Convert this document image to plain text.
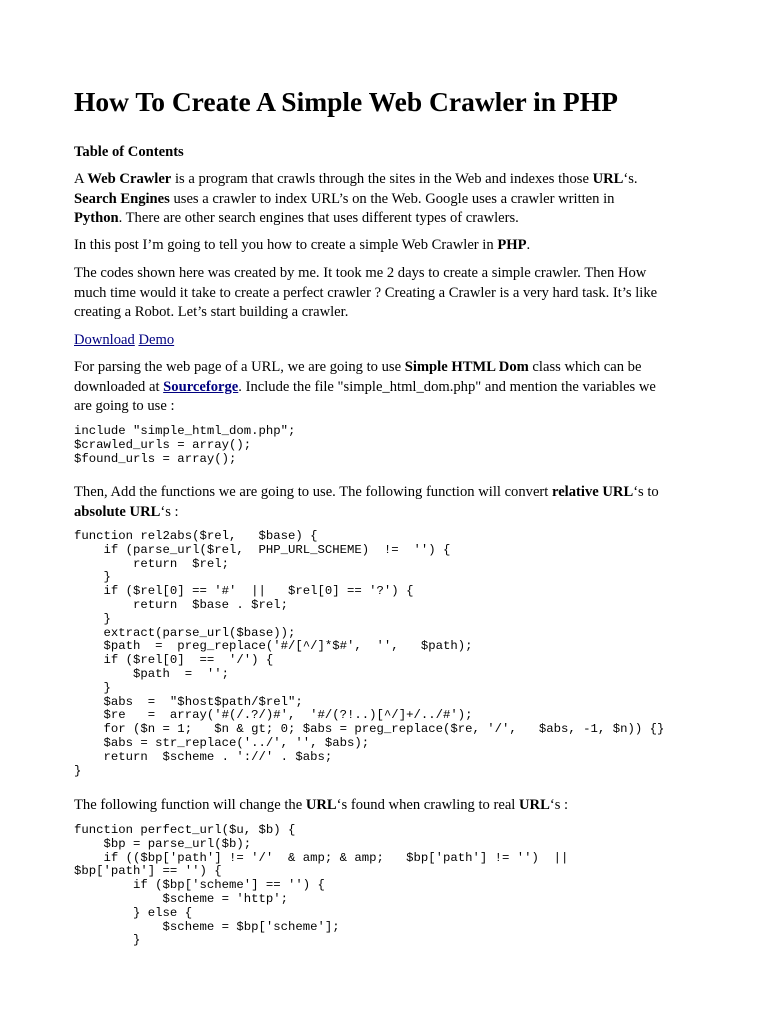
How To Create A Simple Web Crawler in PHP

Table of Contents

A Web Crawler is a program that crawls through the sites in the Web and indexes those URL‘s.
Search Engines uses a crawler to index URL’s on the Web. Google uses a crawler written in
Python. There are other search engines that uses different types of crawlers.

In this post I’m going to tell you how to create a simple Web Crawler in PHP.

The codes shown here was created by me. It took me 2 days to create a simple crawler. Then How
much time would it take to create a perfect crawler ? Creating a Crawler is a very hard task. It’s like
creating a Robot. Let’s start building a crawler.

Download Demo

For parsing the web page of a URL, we are going to use Simple HTML Dom class which can be
downloaded at Sourceforge. Include the file "simple_html_dom.php" and mention the variables we
are going to use :
include "simple_html_dom.php";
$crawled_urls = array();
$found_urls = array();
Then, Add the functions we are going to use. The following function will convert relative URL‘s to
absolute URL‘s :
function rel2abs($rel,   $base) {
if (parse_url($rel,  PHP_URL_SCHEME)  !=  '') {
return  $rel;
}
if ($rel[0] == '#'  ||   $rel[0] == '?') {
return  $base . $rel;
}
extract(parse_url($base));
$path  =  preg_replace('#/[^/]*$#',  '',   $path);
if ($rel[0]  ==  '/') {
$path  =  '';
}
$abs  =  "$host$path/$rel";
$re   =  array('#(/.?/)#',  '#/(?!..)[^/]+/../#');
for ($n = 1;   $n & gt; 0; $abs = preg_replace($re, '/',   $abs, -1, $n)) {}
$abs = str_replace('../', '', $abs);
return  $scheme . '://' . $abs;
}

The following function will change the URL‘s found when crawling to real URL‘s :

function perfect_url($u, $b) {
$bp = parse_url($b);
if (($bp['path'] != '/'  & amp; & amp;   $bp['path'] != '')  ||
$bp['path'] == '') {
if ($bp['scheme'] == '') {
$scheme = 'http';
} else {
$scheme = $bp['scheme'];
}
